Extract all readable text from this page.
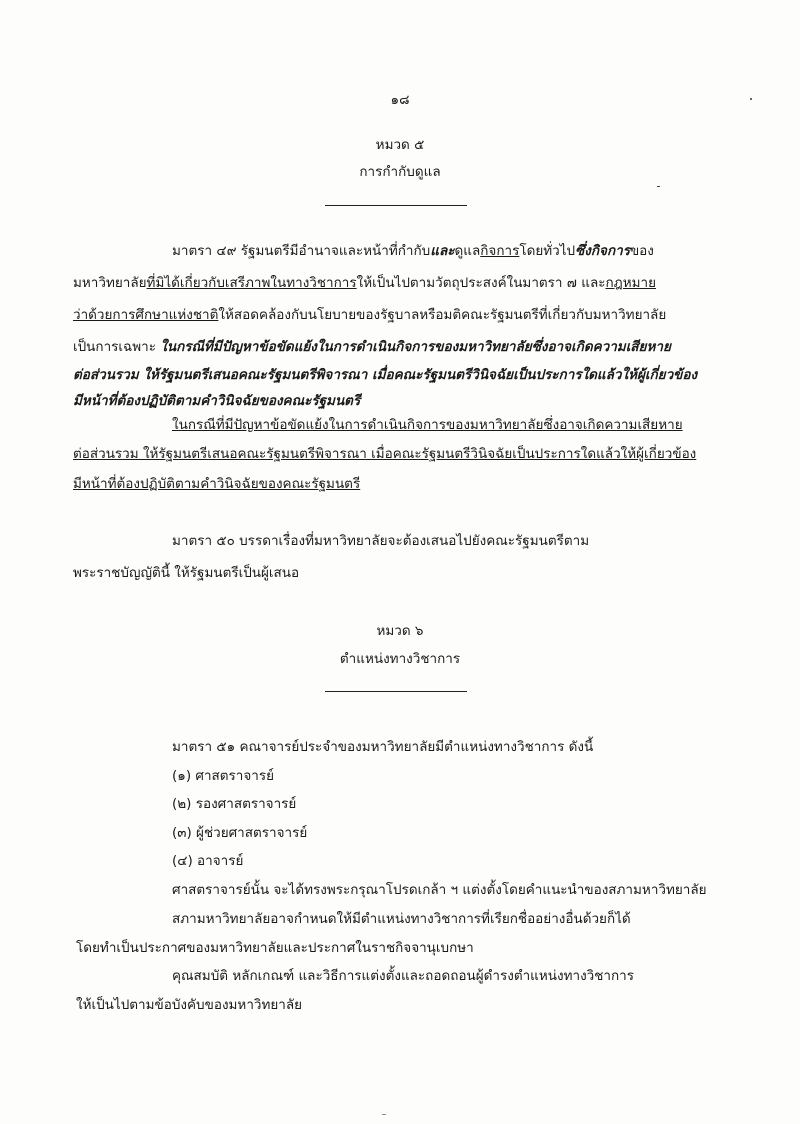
๑๘
หมวด ๕
การกำกับดูแล
มาตรา ๔๙ รัฐมนตรีมีอำนาจและหน้าที่กำกับและดูแลกิจการโดยทั่วไปซึ่งกิจการของ
มหาวิทยาลัยที่มิได้เกี่ยวกับเสรีภาพในทางวิชาการให้เป็นไปตามวัตถุประสงค์ในมาตรา ๗ และกฎหมาย
ว่าด้วยการศึกษาแห่งชาติให้สอดคล้องกับนโยบายของรัฐบาลหรือมติคณะรัฐมนตรีที่เกี่ยวกับมหาวิทยาลัย
เป็นการเฉพาะ ในกรณีที่มีปัญหาข้อขัดแย้งในการดำเนินกิจการของมหาวิทยาลัยซึ่งอาจเกิดความเสียหาย
ต่อส่วนรวม ให้รัฐมนตรีเสนอคณะรัฐมนตรีพิจารณา เมื่อคณะรัฐมนตรีวินิจฉัยเป็นประการใดแล้วให้ผู้เกี่ยวข้อง
มีหน้าที่ต้องปฏิบัติตามคำวินิจฉัยของคณะรัฐมนตรี
ในกรณีที่มีปัญหาข้อขัดแย้งในการดำเนินกิจการของมหาวิทยาลัยซึ่งอาจเกิดความเสียหาย
ต่อส่วนรวม ให้รัฐมนตรีเสนอคณะรัฐมนตรีพิจารณา เมื่อคณะรัฐมนตรีวินิจฉัยเป็นประการใดแล้วให้ผู้เกี่ยวข้อง
มีหน้าที่ต้องปฏิบัติตามคำวินิจฉัยของคณะรัฐมนตรี
มาตรา ๕๐ บรรดาเรื่องที่มหาวิทยาลัยจะต้องเสนอไปยังคณะรัฐมนตรีตาม
พระราชบัญญัตินี้ ให้รัฐมนตรีเป็นผู้เสนอ
หมวด ๖
ตำแหน่งทางวิชาการ
มาตรา ๕๑ คณาจารย์ประจำของมหาวิทยาลัยมีตำแหน่งทางวิชาการ ดังนี้
(๑) ศาสตราจารย์
(๒) รองศาสตราจารย์
(๓) ผู้ช่วยศาสตราจารย์
(๔) อาจารย์
ศาสตราจารย์นั้น จะได้ทรงพระกรุณาโปรดเกล้า ฯ แต่งตั้งโดยคำแนะนำของสภามหาวิทยาลัย
สภามหาวิทยาลัยอาจกำหนดให้มีตำแหน่งทางวิชาการที่เรียกชื่ออย่างอื่นด้วยก็ได้
โดยทำเป็นประกาศของมหาวิทยาลัยและประกาศในราชกิจจานุเบกษา
คุณสมบัติ หลักเกณฑ์ และวิธีการแต่งตั้งและถอดถอนผู้ดำรงตำแหน่งทางวิชาการ
ให้เป็นไปตามข้อบังคับของมหาวิทยาลัย
